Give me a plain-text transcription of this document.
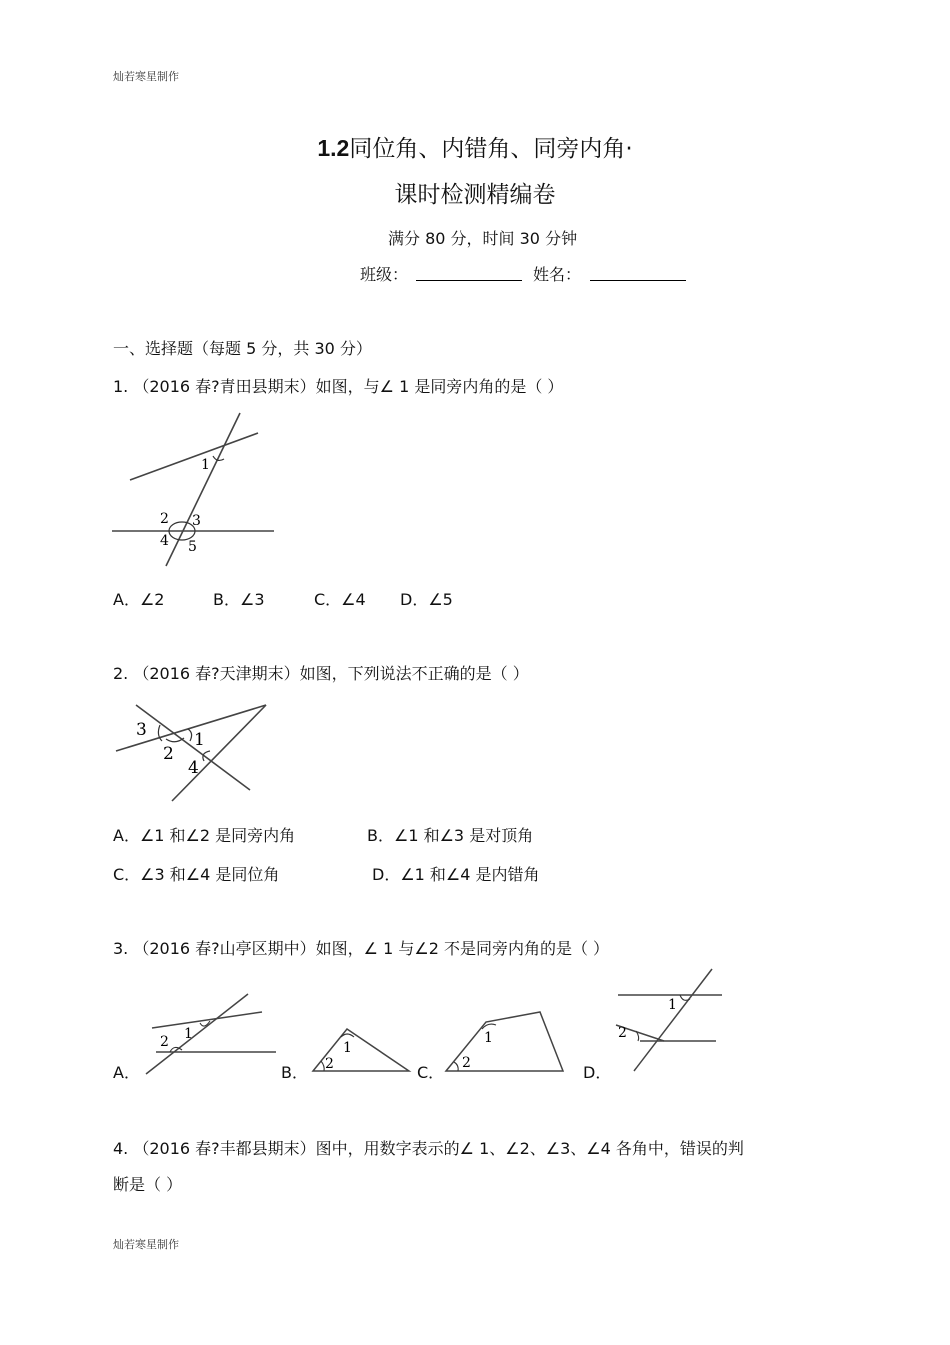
灿若寒星制作
灿若寒星制作
1.2同位角、内错角、同旁内角·
课时检测精编卷
满分 80 分，时间 30 分钟
班级：	姓名：
一、选择题（每题 5 分，共 30 分）
1. （2016 春?青田县期末）如图，与∠ 1 是同旁内角的是（ ）
1
2 3
4 5
A．∠2	B．∠3	C．∠4 D．∠5
2. （2016 春?天津期末）如图，下列说法不正确的是（ ）
1
2
3
4
A．∠1 和∠2 是同旁内角	B．∠1 和∠3 是对顶角
C．∠3 和∠4 是同位角	D．∠1 和∠4 是内错角
3. （2016 春?山亭区期中）如图，∠ 1 与∠2 不是同旁内角的是（ ）
A．
1
2
B．
1
2	C．
1
2	D．
1
2
4. （2016 春?丰都县期末）图中，用数字表示的∠ 1、∠2、∠3、∠4 各角中，错误的判
断是（ ）
